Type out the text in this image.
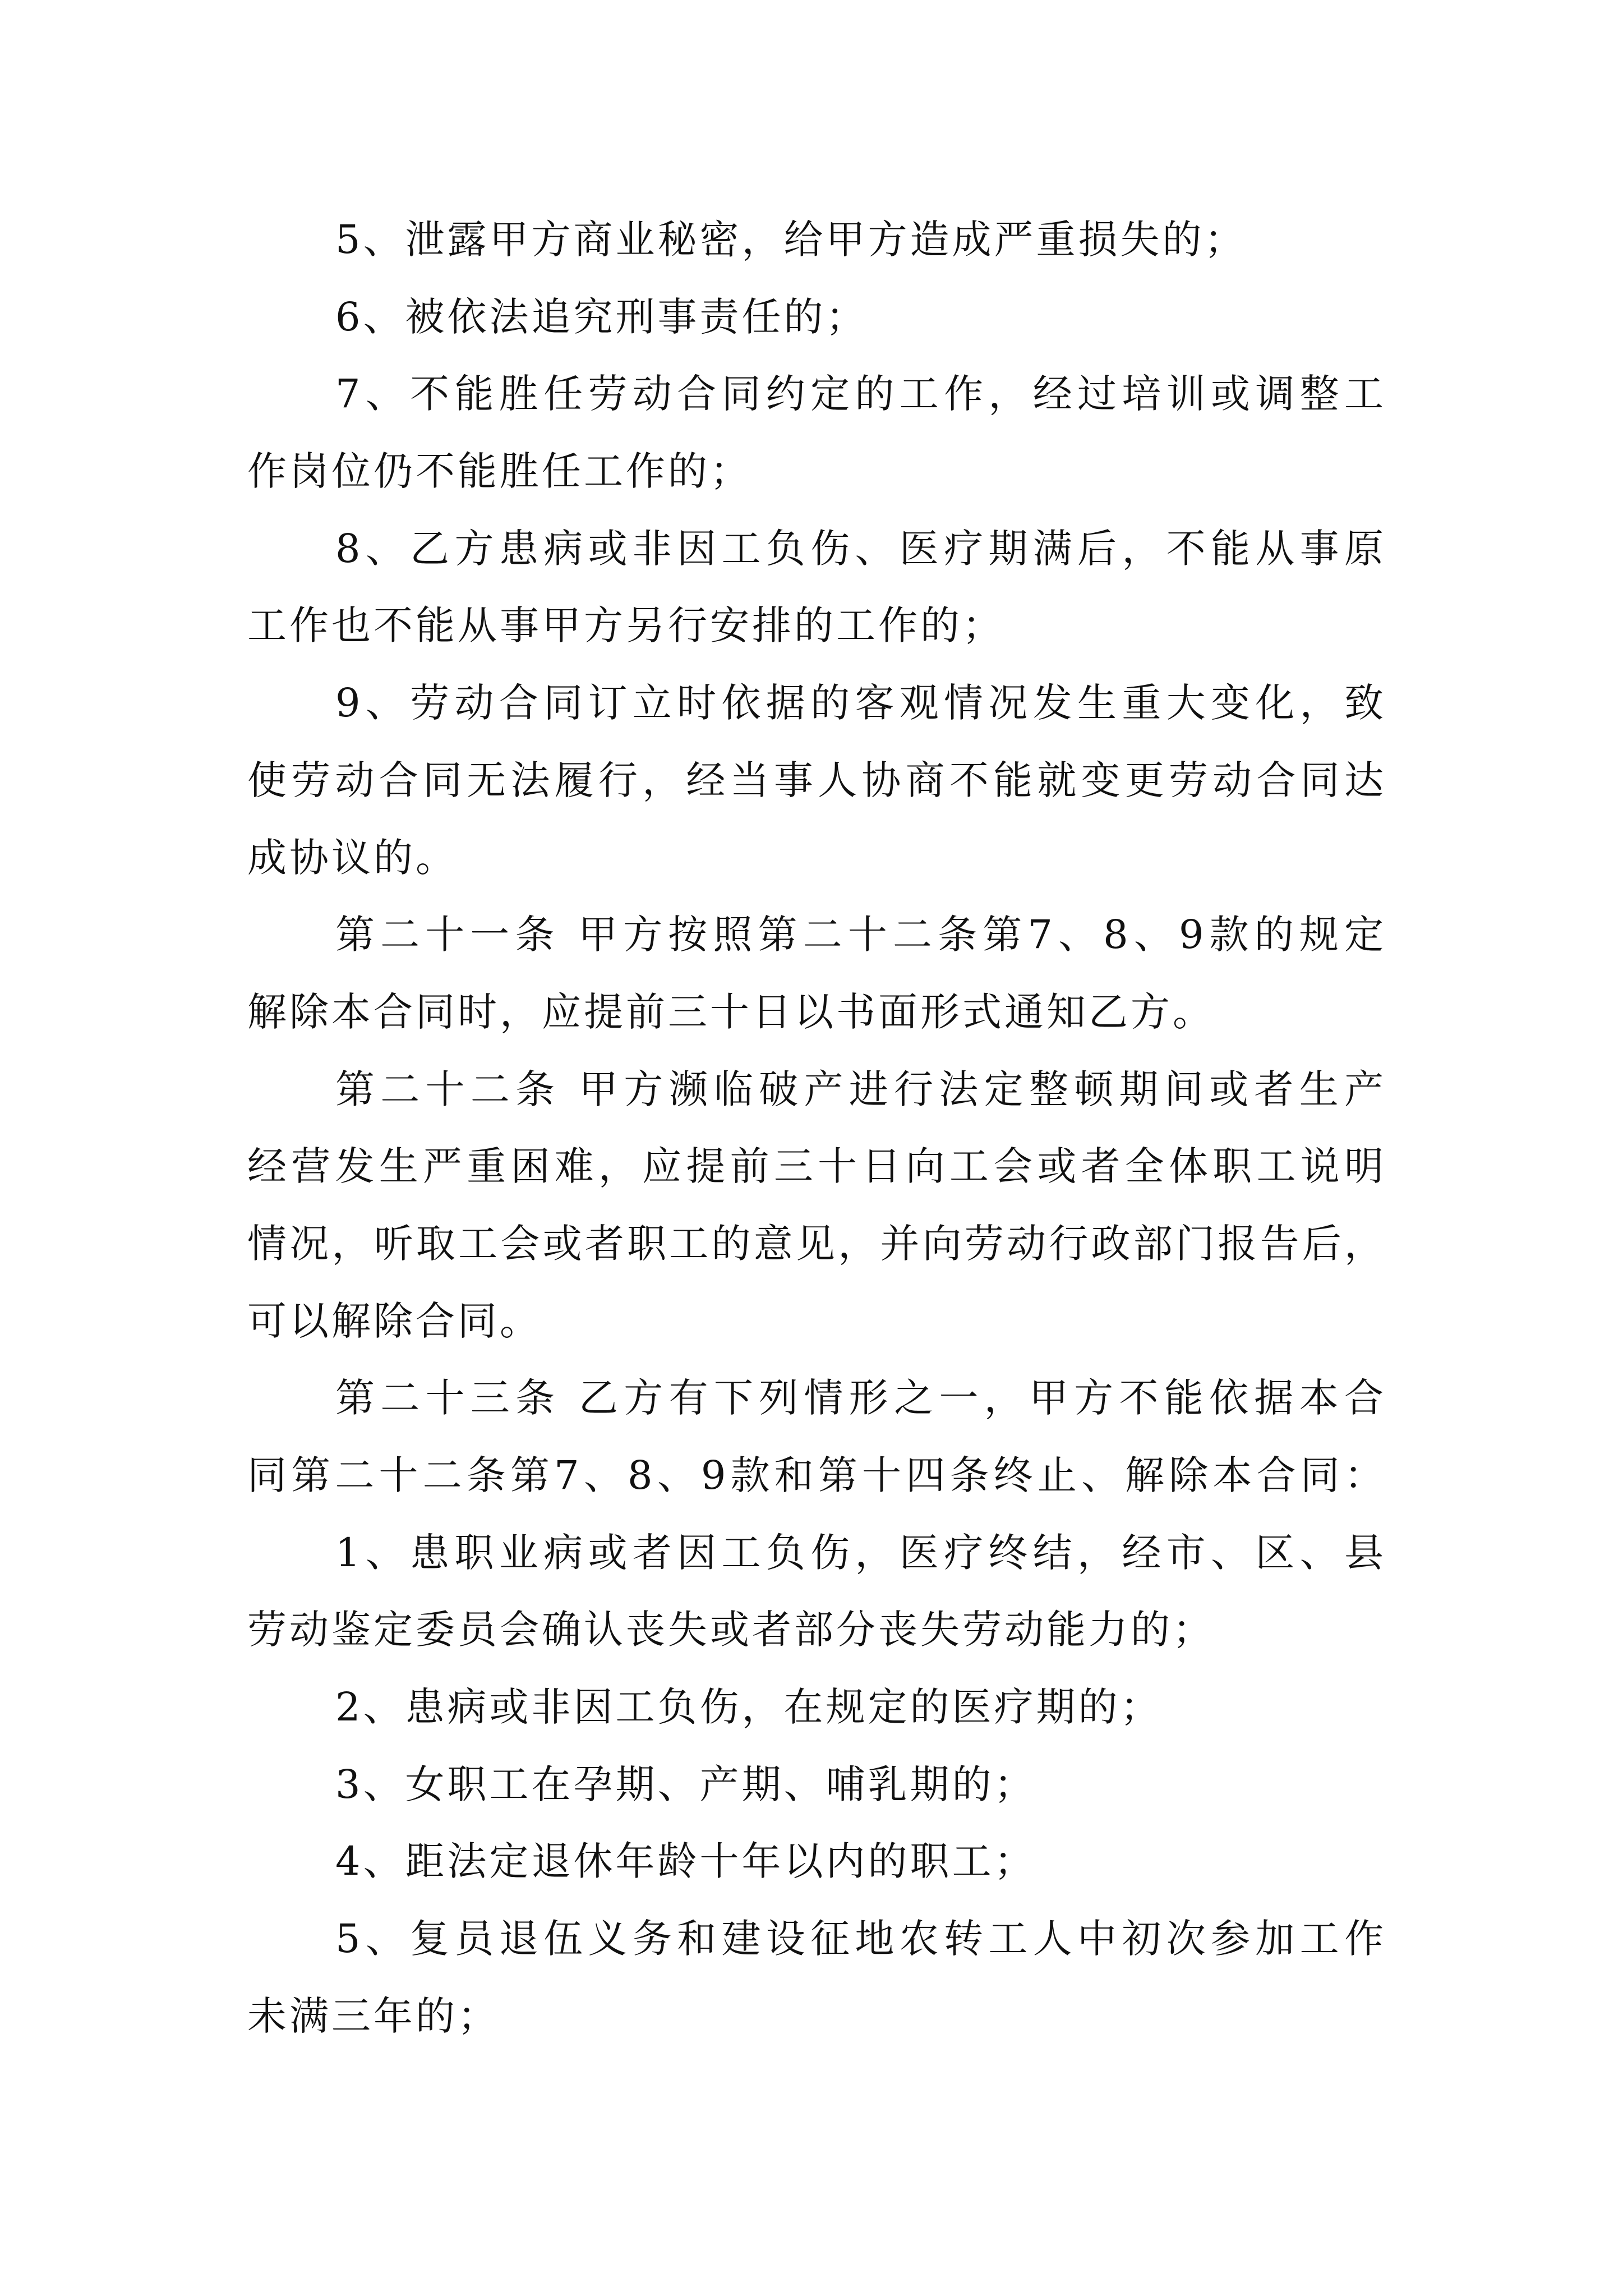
5、泄露甲方商业秘密，给甲方造成严重损失的；
6、被依法追究刑事责任的；
7、不能胜任劳动合同约定的工作，经过培训或调整工
作岗位仍不能胜任工作的；
8、乙方患病或非因工负伤、医疗期满后，不能从事原
工作也不能从事甲方另行安排的工作的；
9、劳动合同订立时依据的客观情况发生重大变化，致
使劳动合同无法履行，经当事人协商不能就变更劳动合同达
成协议的。
第二十一条 甲方按照第二十二条第7、8、9款的规定
解除本合同时，应提前三十日以书面形式通知乙方。
第二十二条 甲方濒临破产进行法定整顿期间或者生产
经营发生严重困难，应提前三十日向工会或者全体职工说明
情况，听取工会或者职工的意见，并向劳动行政部门报告后，
可以解除合同。
第二十三条 乙方有下列情形之一，甲方不能依据本合
同第二十二条第7、8、9款和第十四条终止、解除本合同：
1、患职业病或者因工负伤，医疗终结，经市、区、县
劳动鉴定委员会确认丧失或者部分丧失劳动能力的；
2、患病或非因工负伤，在规定的医疗期的；
3、女职工在孕期、产期、哺乳期的；
4、距法定退休年龄十年以内的职工；
5、复员退伍义务和建设征地农转工人中初次参加工作
未满三年的；
